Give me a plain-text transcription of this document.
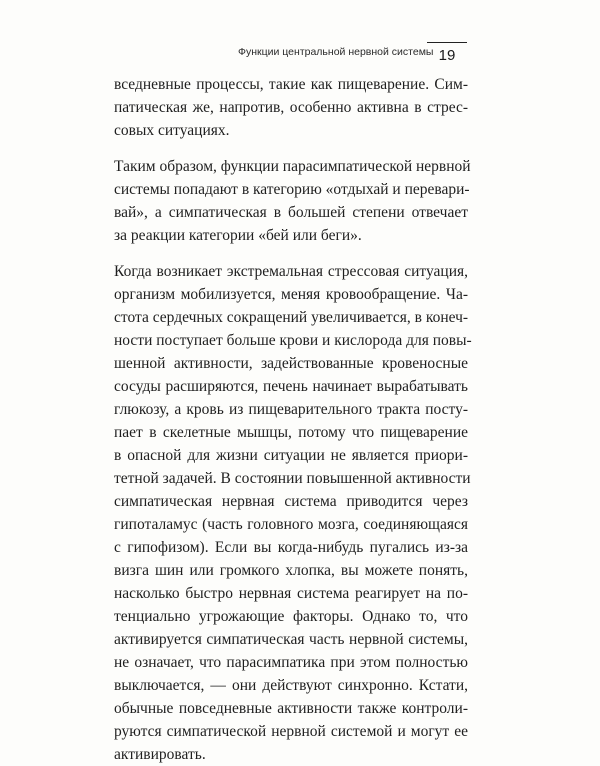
Функции центральной нервной системы 19
вседневные процессы, такие как пищеварение. Сим-
патическая же, напротив, особенно активна в стрес-
совых ситуациях.
Таким образом, функции парасимпатической нервной
системы попадают в категорию «отдыхай и перевари-
вай», а симпатическая в большей степени отвечает
за реакции категории «бей или беги».
Когда возникает экстремальная стрессовая ситуация,
организм мобилизуется, меняя кровообращение. Ча-
стота сердечных сокращений увеличивается, в конеч-
ности поступает больше крови и кислорода для повы-
шенной активности, задействованные кровеносные
сосуды расширяются, печень начинает вырабатывать
глюкозу, а кровь из пищеварительного тракта посту-
пает в скелетные мышцы, потому что пищеварение
в опасной для жизни ситуации не является приори-
тетной задачей. В состоянии повышенной активности
симпатическая нервная система приводится через
гипоталамус (часть головного мозга, соединяющаяся
с гипофизом). Если вы когда-нибудь пугались из-за
визга шин или громкого хлопка, вы можете понять,
насколько быстро нервная система реагирует на по-
тенциально угрожающие факторы. Однако то, что
активируется симпатическая часть нервной системы,
не означает, что парасимпатика при этом полностью
выключается, — они действуют синхронно. Кстати,
обычные повседневные активности также контроли-
руются симпатической нервной системой и могут ее
активировать.
